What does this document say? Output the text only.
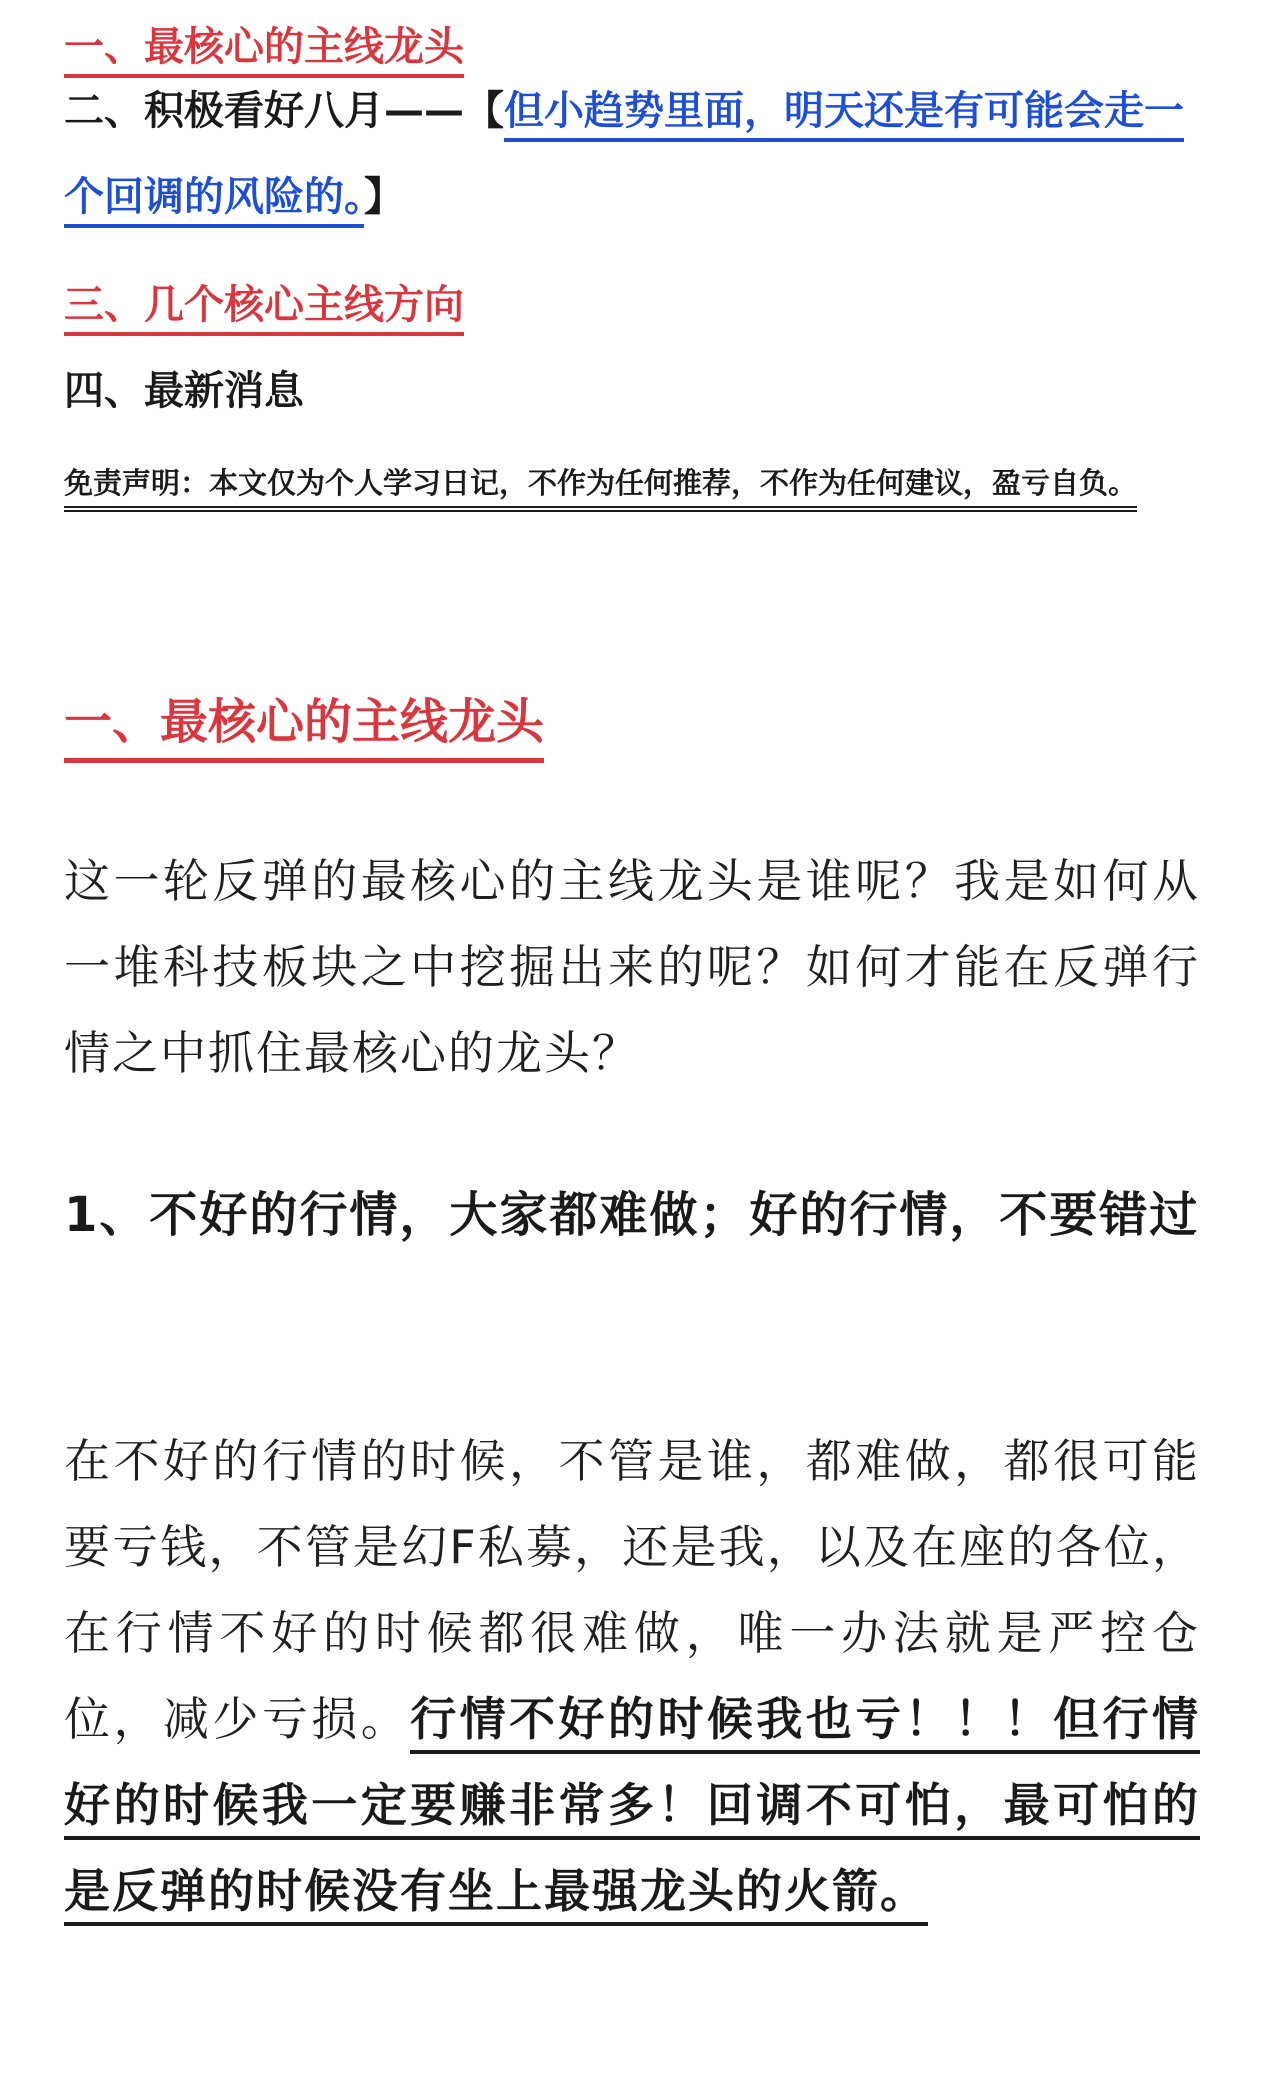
一、最核心的主线龙头
二、积极看好八月——【但小趋势里面，明天还是有可能会走一个回调的风险的。】
三、几个核心主线方向
四、最新消息
免责声明：本文仅为个人学习日记，不作为任何推荐，不作为任何建议，盈亏自负。
一、最核心的主线龙头
这一轮反弹的最核心的主线龙头是谁呢？我是如何从一堆科技板块之中挖掘出来的呢？如何才能在反弹行情之中抓住最核心的龙头？
1、不好的行情，大家都难做；好的行情，不要错过
在不好的行情的时候，不管是谁，都难做，都很可能要亏钱，不管是幻F私募，还是我，以及在座的各位，在行情不好的时候都很难做，唯一办法就是严控仓位，减少亏损。行情不好的时候我也亏！！！但行情好的时候我一定要赚非常多！回调不可怕，最可怕的是反弹的时候没有坐上最强龙头的火箭。
